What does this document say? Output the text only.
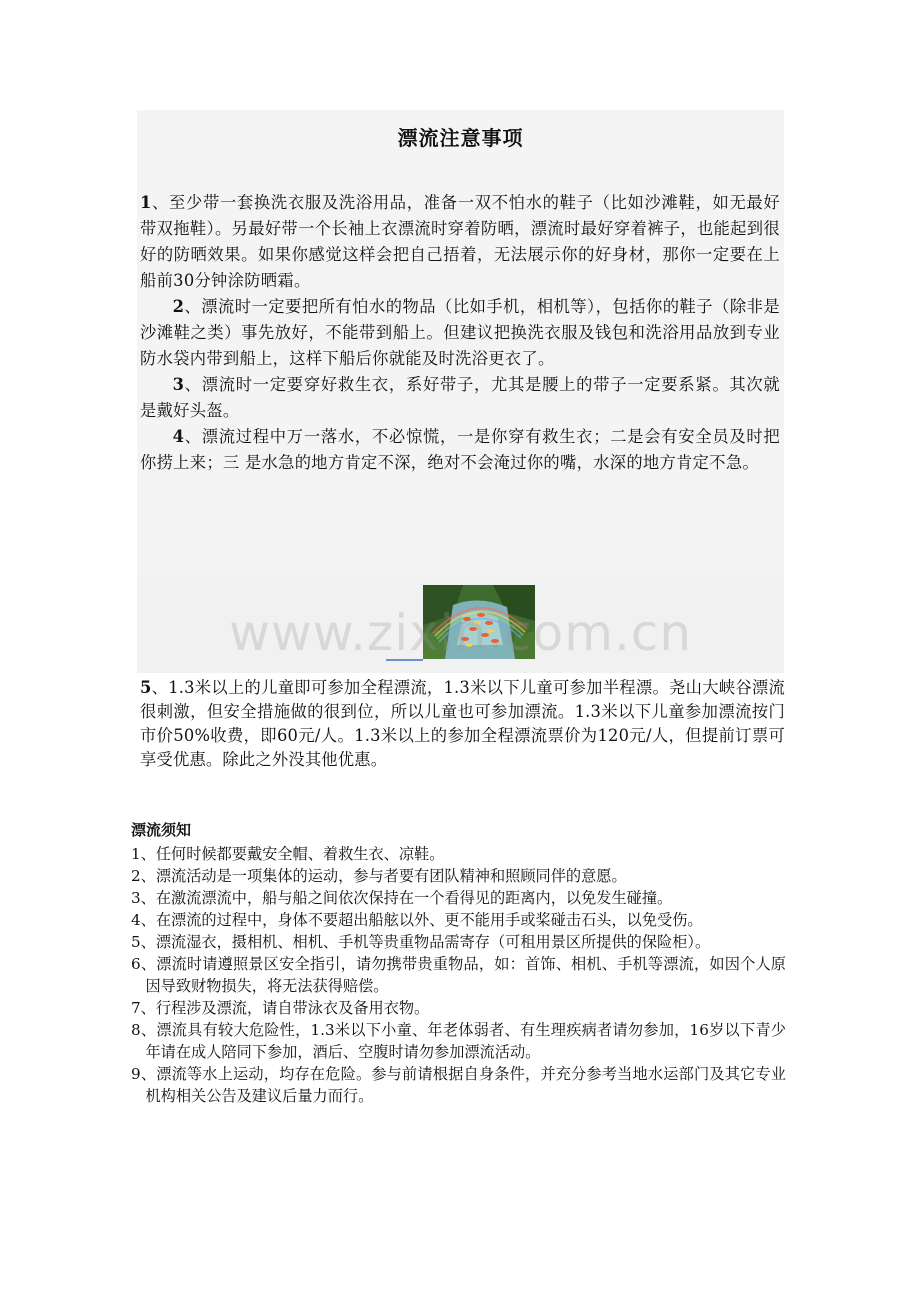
漂流注意事项

1、至少带一套换洗衣服及洗浴用品，准备一双不怕水的鞋子（比如沙滩鞋，如无最好带双拖鞋）。另最好带一个长袖上衣漂流时穿着防晒，漂流时最好穿着裤子，也能起到很好的防晒效果。如果你感觉这样会把自己捂着，无法展示你的好身材，那你一定要在上船前30分钟涂防晒霜。

2、漂流时一定要把所有怕水的物品（比如手机，相机等），包括你的鞋子（除非是沙滩鞋之类）事先放好，不能带到船上。但建议把换洗衣服及钱包和洗浴用品放到专业防水袋内带到船上，这样下船后你就能及时洗浴更衣了。

3、漂流时一定要穿好救生衣，系好带子，尤其是腰上的带子一定要系紧。其次就是戴好头盔。

4、漂流过程中万一落水，不必惊慌，一是你穿有救生衣；二是会有安全员及时把你捞上来；三 是水急的地方肯定不深，绝对不会淹过你的嘴，水深的地方肯定不急。

www.zixin.com.cn

5、1.3米以上的儿童即可参加全程漂流，1.3米以下儿童可参加半程漂。尧山大峡谷漂流很刺激，但安全措施做的很到位，所以儿童也可参加漂流。1.3米以下儿童参加漂流按门市价50%收费，即60元/人。1.3米以上的参加全程漂流票价为120元/人，但提前订票可享受优惠。除此之外没其他优惠。

漂流须知
1、任何时候都要戴安全帽、着救生衣、凉鞋。
2、漂流活动是一项集体的运动，参与者要有团队精神和照顾同伴的意愿。
3、在激流漂流中，船与船之间依次保持在一个看得见的距离内，以免发生碰撞。
4、在漂流的过程中，身体不要超出船舷以外、更不能用手或桨碰击石头，以免受伤。
5、漂流湿衣，摄相机、相机、手机等贵重物品需寄存（可租用景区所提供的保险柜）。
6、漂流时请遵照景区安全指引，请勿携带贵重物品，如：首饰、相机、手机等漂流，如因个人原因导致财物损失，将无法获得赔偿。
7、行程涉及漂流，请自带泳衣及备用衣物。
8、漂流具有较大危险性，1.3米以下小童、年老体弱者、有生理疾病者请勿参加，16岁以下青少年请在成人陪同下参加，酒后、空腹时请勿参加漂流活动。
9、漂流等水上运动，均存在危险。参与前请根据自身条件，并充分参考当地水运部门及其它专业机构相关公告及建议后量力而行。
